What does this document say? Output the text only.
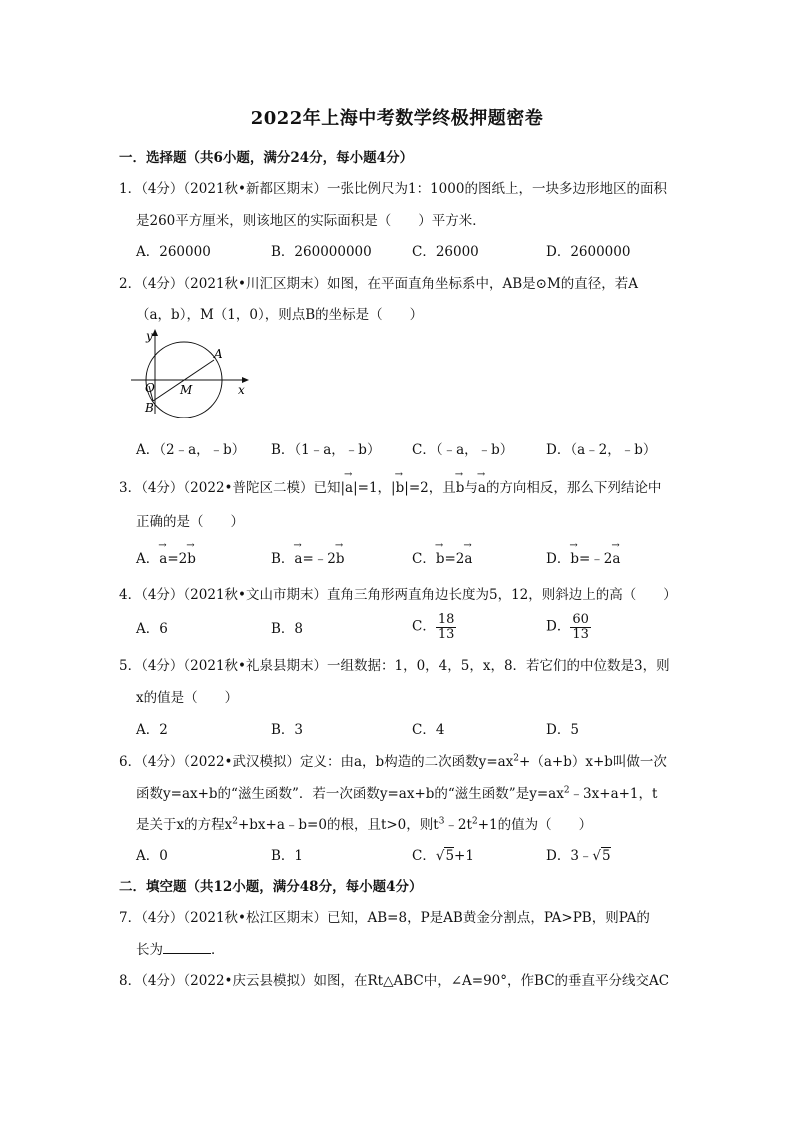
2022年上海中考数学终极押题密卷
一．选择题（共6小题，满分24分，每小题4分）
1．（4分）（2021秋•新都区期末）一张比例尺为1：1000的图纸上，一块多边形地区的面积
是260平方厘米，则该地区的实际面积是（　　）平方米．
A．260000	B．260000000	C．26000	D．2600000
2．（4分）（2021秋•川汇区期末）如图，在平面直角坐标系中，AB是⊙M的直径，若A
（a，b），M（1，0），则点B的坐标是（　　）
y
x
O M
A
B
A．（2﹣a，﹣b） B．（1﹣a，﹣b） C．（﹣a，﹣b） D．（a﹣2，﹣b）
3．（4分）（2022•普陀区二模）已知|→ a|=1，|→ b|=2，且→ b与→ a的方向相反，那么下列结论中
正确的是（　　）
A．→ a=2→ b	B．→ a=﹣2→ b	C．→ b=2→ a	D．→ b=﹣2→ a
4．（4分）（2021秋•文山市期末）直角三角形两直角边长度为5，12，则斜边上的高（　　）
A．6	B．8	C． $\frac{18}{13}$	D． $\frac{60}{13}$
5．（4分）（2021秋•礼泉县期末）一组数据：1，0，4，5，x，8．若它们的中位数是3，则
x的值是（　　）
A．2	B．3	C．4	D．5
6．（4分）（2022•武汉模拟）定义：由a，b构造的二次函数$y=ax^2+(a+b)x+b$叫做一次
函数y=ax+b的“滋生函数”．若一次函数y=ax+b的“滋生函数”是$y=ax^2﹣3x+a+1$，t
是关于x的方程$x^2+bx+a﹣b=0$的根，且t>0，则$t^3﹣2t^2+1$的值为（　　）
A．0	B．1	C．√5+1	D．3﹣√5
二．填空题（共12小题，满分48分，每小题4分）
7．（4分）（2021秋•松江区期末）已知，AB=8，P是AB黄金分割点，PA>PB，则PA的
长为	．
8．（4分）（2022•庆云县模拟）如图，在Rt△ABC中，∠A=90°，作BC的垂直平分线交AC
